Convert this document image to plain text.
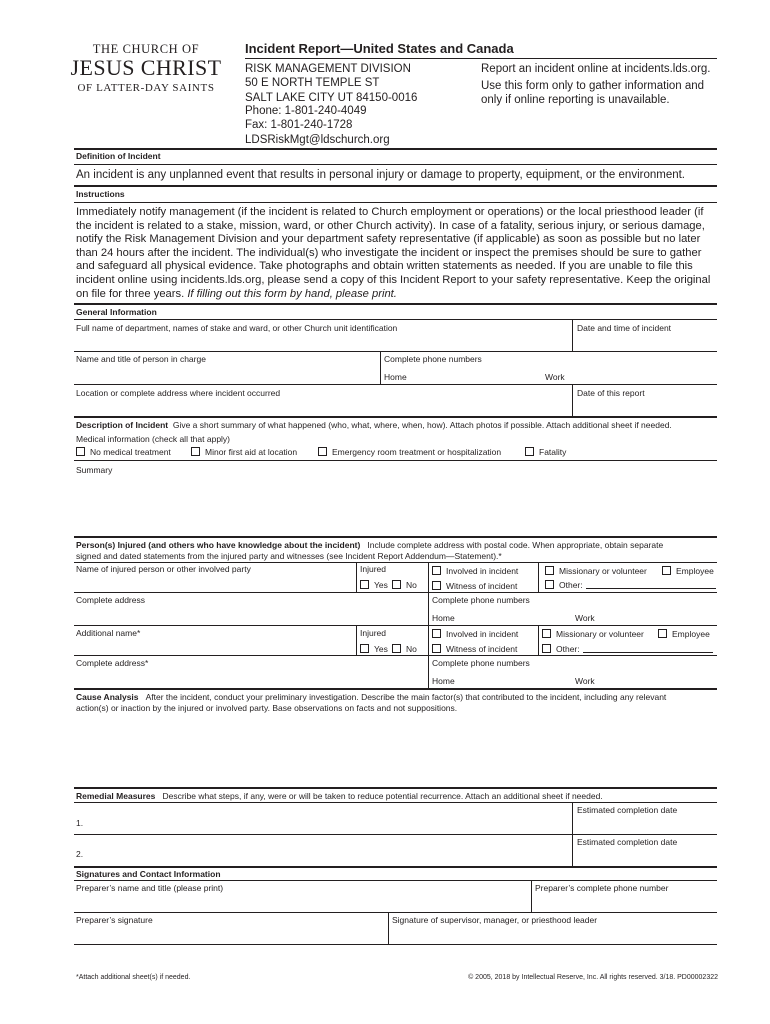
THE CHURCH OF
JESUS CHRIST
OF LATTER-DAY SAINTS
Incident Report—United States and Canada
RISK MANAGEMENT DIVISION
50 E NORTH TEMPLE ST
SALT LAKE CITY UT 84150-0016
Phone: 1-801-240-4049
Fax: 1-801-240-1728
LDSRiskMgt@ldschurch.org
Report an incident online at incidents.lds.org.
Use this form only to gather information and only if online reporting is unavailable.
Definition of Incident
An incident is any unplanned event that results in personal injury or damage to property, equipment, or the environment.
Instructions
Immediately notify management (if the incident is related to Church employment or operations) or the local priesthood leader (if the incident is related to a stake, mission, ward, or other Church activity). In case of a fatality, serious injury, or serious damage, notify the Risk Management Division and your department safety representative (if applicable) as soon as possible but no later than 24 hours after the incident. The individual(s) who investigate the incident or inspect the premises should be sure to gather and safeguard all physical evidence. Take photographs and obtain written statements as needed. If you are unable to file this incident online using incidents.lds.org, please send a copy of this Incident Report to your safety representative. Keep the original on file for three years. If filling out this form by hand, please print.
General Information
Full name of department, names of stake and ward, or other Church unit identification	Date and time of incident
Name and title of person in charge	Complete phone numbers
Home	Work
Location or complete address where incident occurred	Date of this report
Description of Incident Give a short summary of what happened (who, what, where, when, how). Attach photos if possible. Attach additional sheet if needed.
Medical information (check all that apply)
No medical treatment	Minor first aid at location	Emergency room treatment or hospitalization	Fatality
Summary
Person(s) Injured (and others who have knowledge about the incident) Include complete address with postal code. When appropriate, obtain separate
signed and dated statements from the injured party and witnesses (see Incident Report Addendum—Statement).*
Name of injured person or other involved party	Injured
Yes	No
Involved in incident
Witness of incident
Missionary or volunteer	Employee
Other:
Complete address	Complete phone numbers
Home	Work
Additional name*	Injured
Yes	No
Involved in incident
Witness of incident
Missionary or volunteer	Employee
Other:
Complete address*	Complete phone numbers
Home	Work
Cause Analysis After the incident, conduct your preliminary investigation. Describe the main factor(s) that contributed to the incident, including any relevant
action(s) or inaction by the injured or involved party. Base observations on facts and not suppositions.
Remedial Measures Describe what steps, if any, were or will be taken to reduce potential recurrence. Attach an additional sheet if needed.
Estimated completion date
1.
Estimated completion date
2.
Signatures and Contact Information
Preparer’s name and title (please print)	Preparer’s complete phone number
Preparer’s signature	Signature of supervisor, manager, or priesthood leader
*Attach additional sheet(s) if needed.	© 2005, 2018 by Intellectual Reserve, Inc. All rights reserved. 3/18. PD00002322
